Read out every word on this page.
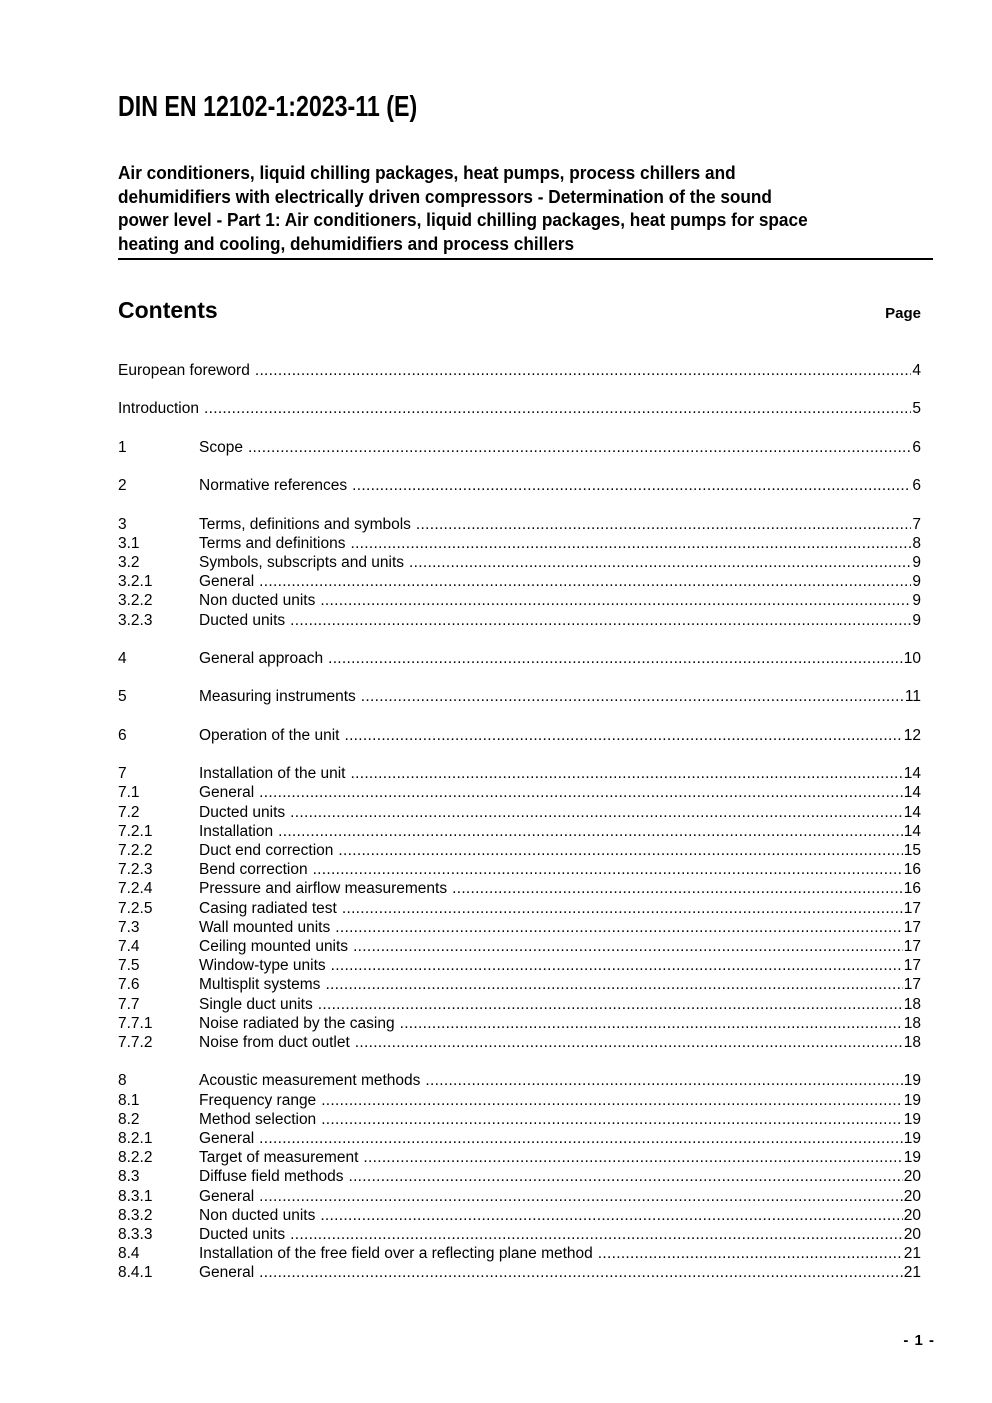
DIN EN 12102-1:2023-11 (E)
Air conditioners, liquid chilling packages, heat pumps, process chillers and
dehumidifiers with electrically driven compressors - Determination of the sound
power level - Part 1: Air conditioners, liquid chilling packages, heat pumps for space
heating and cooling, dehumidifiers and process chillers
Contents	Page
European foreword .....	4
Introduction .....	5
1	Scope .....	6
2	Normative references .....	6
3	Terms, definitions and symbols .....	7
3.1	Terms and definitions .....	8
3.2	Symbols, subscripts and units .....	9
3.2.1	General .....	9
3.2.2	Non ducted units .....	9
3.2.3	Ducted units .....	9
4	General approach .....	10
5	Measuring instruments .....	11
6	Operation of the unit .....	12
7	Installation of the unit .....	14
7.1	General .....	14
7.2	Ducted units .....	14
7.2.1	Installation .....	14
7.2.2	Duct end correction .....	15
7.2.3	Bend correction .....	16
7.2.4	Pressure and airflow measurements .....	16
7.2.5	Casing radiated test .....	17
7.3	Wall mounted units .....	17
7.4	Ceiling mounted units .....	17
7.5	Window-type units .....	17
7.6	Multisplit systems .....	17
7.7	Single duct units .....	18
7.7.1	Noise radiated by the casing .....	18
7.7.2	Noise from duct outlet .....	18
8	Acoustic measurement methods .....	19
8.1	Frequency range .....	19
8.2	Method selection .....	19
8.2.1	General .....	19
8.2.2	Target of measurement .....	19
8.3	Diffuse field methods .....	20
8.3.1	General .....	20
8.3.2	Non ducted units .....	20
8.3.3	Ducted units .....	20
8.4	Installation of the free field over a reflecting plane method .....	21
8.4.1	General .....	21
- 1 -
